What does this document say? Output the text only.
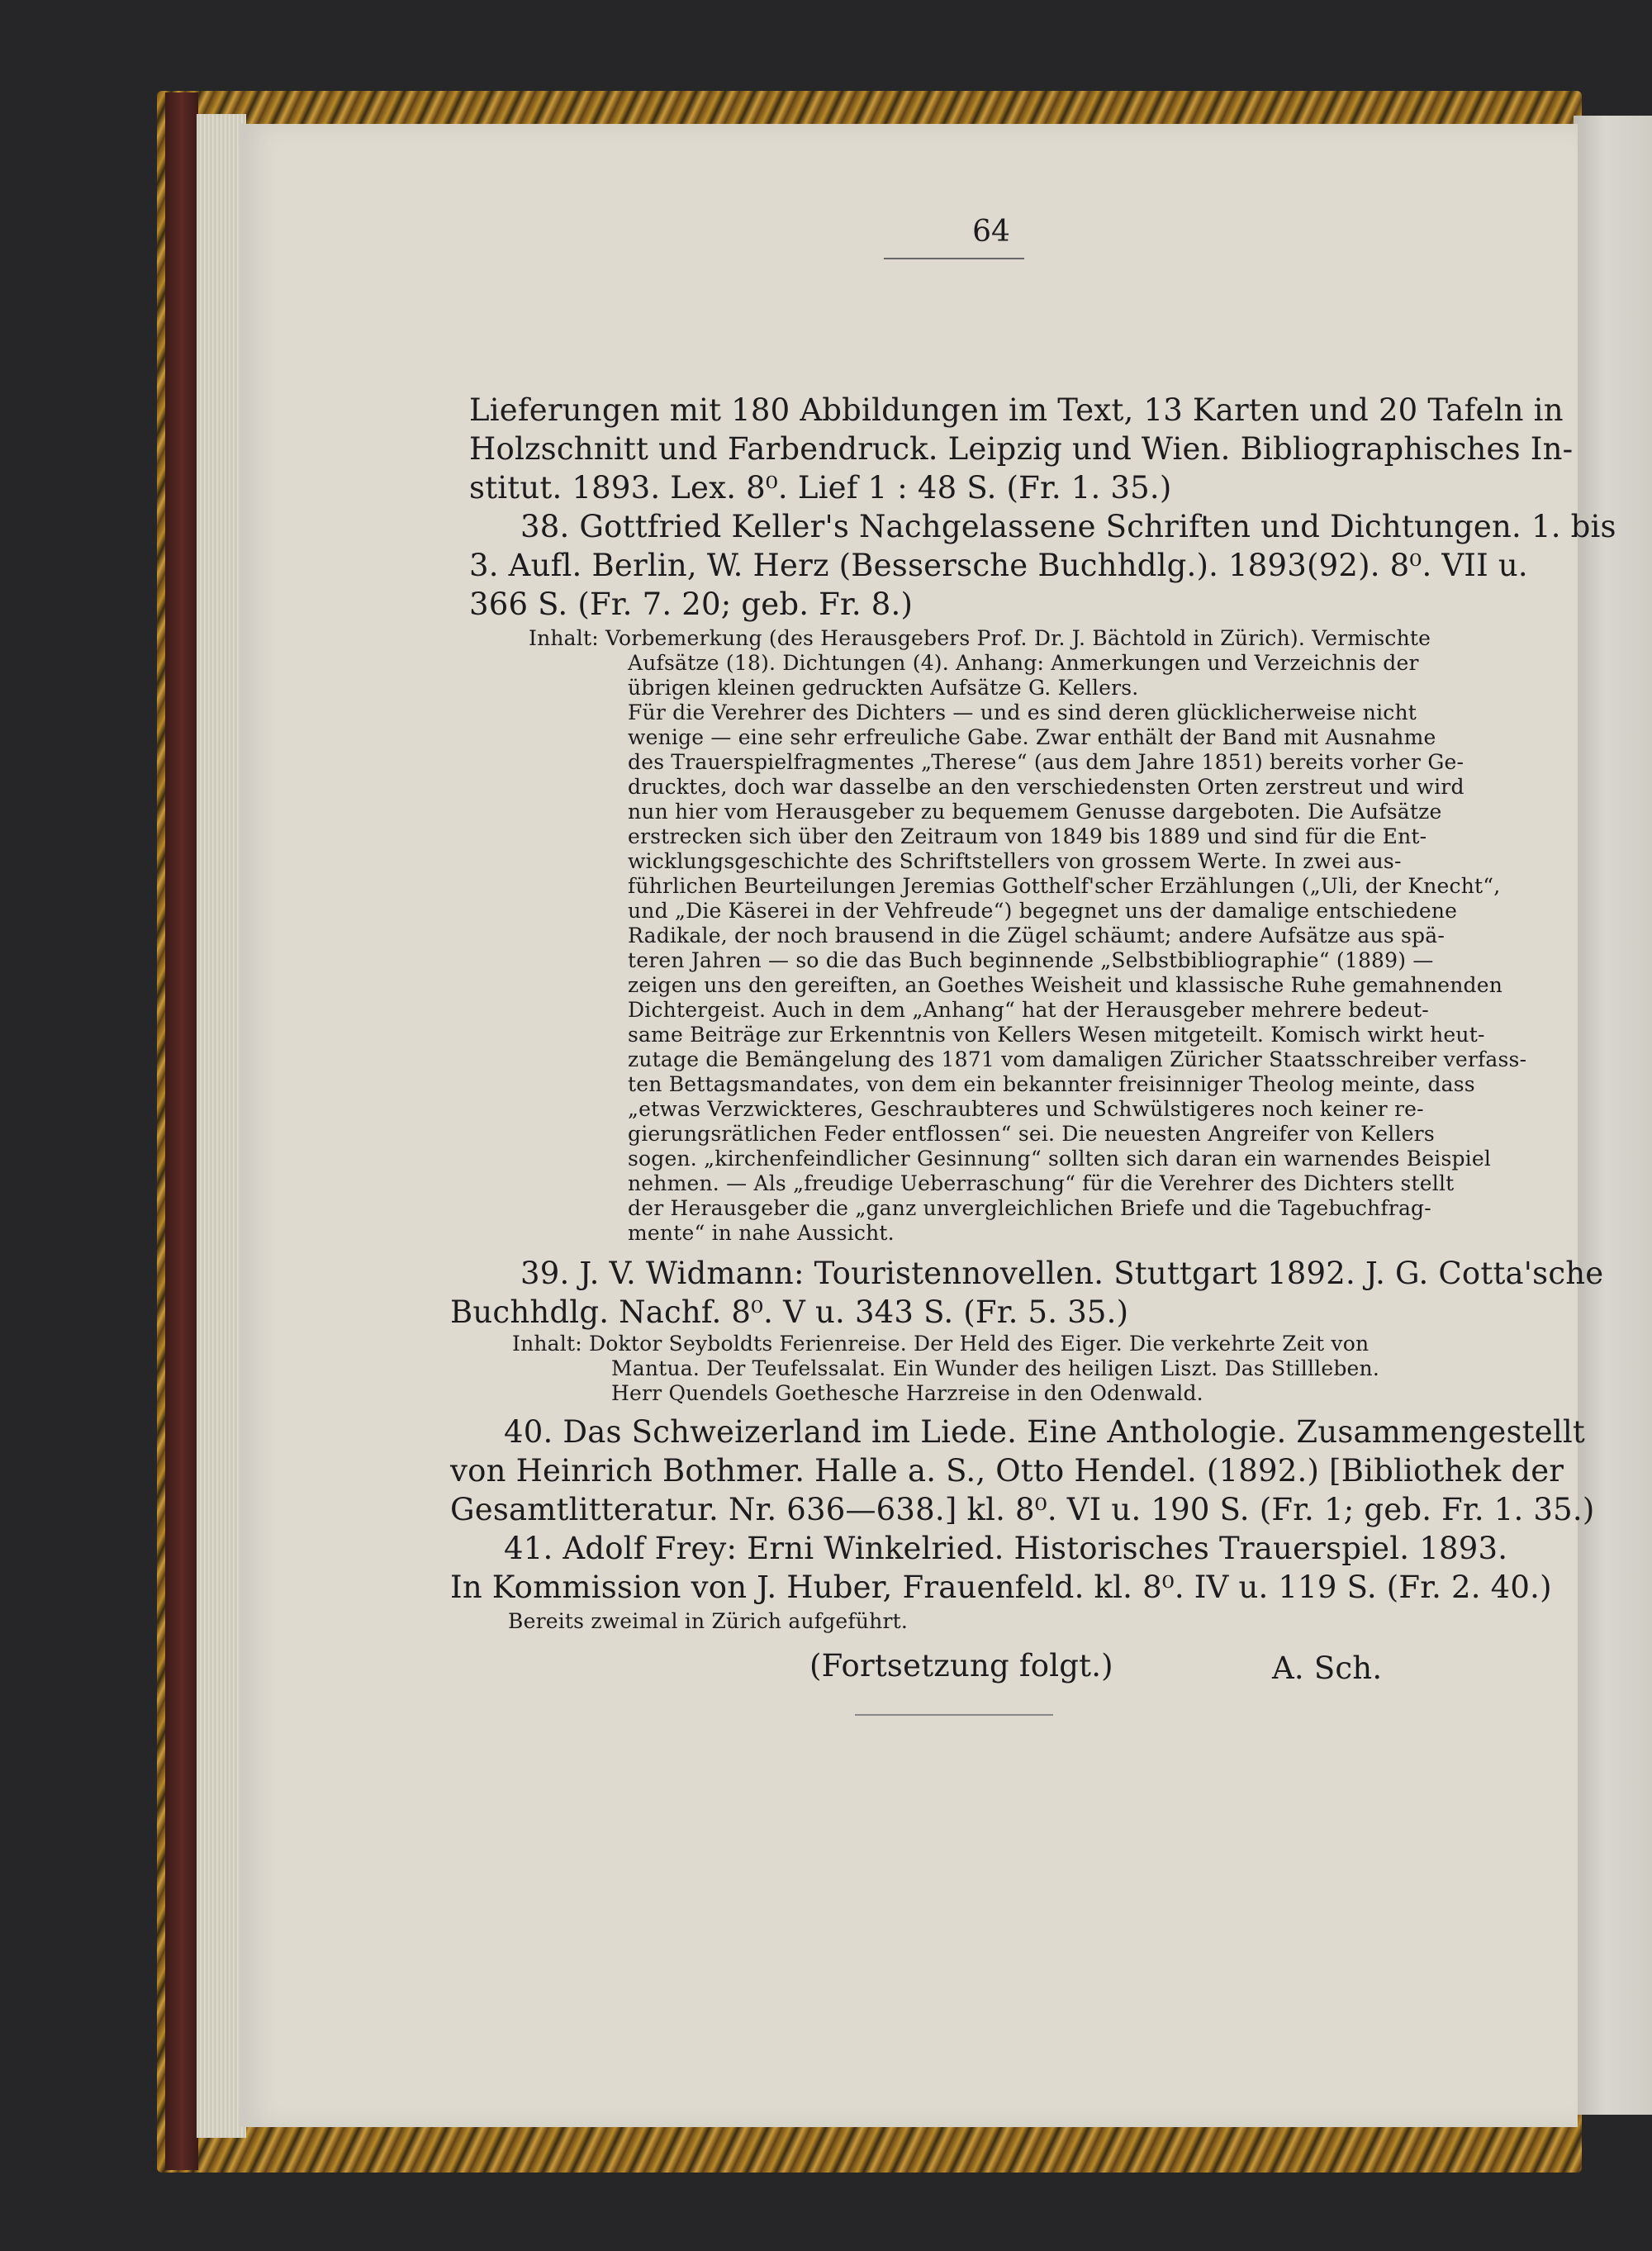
64
Lieferungen mit 180 Abbildungen im Text, 13 Karten und 20 Tafeln in
Holzschnitt und Farbendruck. Leipzig und Wien. Bibliographisches In-
stitut. 1893. Lex. 8⁰. Lief 1 : 48 S. (Fr. 1. 35.)
38. Gottfried Keller's Nachgelassene Schriften und Dichtungen. 1. bis
3. Aufl. Berlin, W. Herz (Bessersche Buchhdlg.). 1893(92). 8⁰. VII u.
366 S. (Fr. 7. 20; geb. Fr. 8.)
Inhalt: Vorbemerkung (des Herausgebers Prof. Dr. J. Bächtold in Zürich). Vermischte
Aufsätze (18). Dichtungen (4). Anhang: Anmerkungen und Verzeichnis der
übrigen kleinen gedruckten Aufsätze G. Kellers.
Für die Verehrer des Dichters — und es sind deren glücklicherweise nicht
wenige — eine sehr erfreuliche Gabe. Zwar enthält der Band mit Ausnahme
des Trauerspielfragmentes „Therese“ (aus dem Jahre 1851) bereits vorher Ge-
drucktes, doch war dasselbe an den verschiedensten Orten zerstreut und wird
nun hier vom Herausgeber zu bequemem Genusse dargeboten. Die Aufsätze
erstrecken sich über den Zeitraum von 1849 bis 1889 und sind für die Ent-
wicklungsgeschichte des Schriftstellers von grossem Werte. In zwei aus-
führlichen Beurteilungen Jeremias Gotthelf'scher Erzählungen („Uli, der Knecht“,
und „Die Käserei in der Vehfreude“) begegnet uns der damalige entschiedene
Radikale, der noch brausend in die Zügel schäumt; andere Aufsätze aus spä-
teren Jahren — so die das Buch beginnende „Selbstbibliographie“ (1889) —
zeigen uns den gereiften, an Goethes Weisheit und klassische Ruhe gemahnenden
Dichtergeist. Auch in dem „Anhang“ hat der Herausgeber mehrere bedeut-
same Beiträge zur Erkenntnis von Kellers Wesen mitgeteilt. Komisch wirkt heut-
zutage die Bemängelung des 1871 vom damaligen Züricher Staatsschreiber verfass-
ten Bettagsmandates, von dem ein bekannter freisinniger Theolog meinte, dass
„etwas Verzwickteres, Geschraubteres und Schwülstigeres noch keiner re-
gierungsrätlichen Feder entflossen“ sei. Die neuesten Angreifer von Kellers
sogen. „kirchenfeindlicher Gesinnung“ sollten sich daran ein warnendes Beispiel
nehmen. — Als „freudige Ueberraschung“ für die Verehrer des Dichters stellt
der Herausgeber die „ganz unvergleichlichen Briefe und die Tagebuchfrag-
mente“ in nahe Aussicht.
39. J. V. Widmann: Touristennovellen. Stuttgart 1892. J. G. Cotta'sche
Buchhdlg. Nachf. 8⁰. V u. 343 S. (Fr. 5. 35.)
Inhalt: Doktor Seyboldts Ferienreise. Der Held des Eiger. Die verkehrte Zeit von
Mantua. Der Teufelssalat. Ein Wunder des heiligen Liszt. Das Stillleben.
Herr Quendels Goethesche Harzreise in den Odenwald.
40. Das Schweizerland im Liede. Eine Anthologie. Zusammengestellt
von Heinrich Bothmer. Halle a. S., Otto Hendel. (1892.) [Bibliothek der
Gesamtlitteratur. Nr. 636—638.] kl. 8⁰. VI u. 190 S. (Fr. 1; geb. Fr. 1. 35.)
41. Adolf Frey: Erni Winkelried. Historisches Trauerspiel. 1893.
In Kommission von J. Huber, Frauenfeld. kl. 8⁰. IV u. 119 S. (Fr. 2. 40.)
Bereits zweimal in Zürich aufgeführt.
(Fortsetzung folgt.)	A. Sch.
